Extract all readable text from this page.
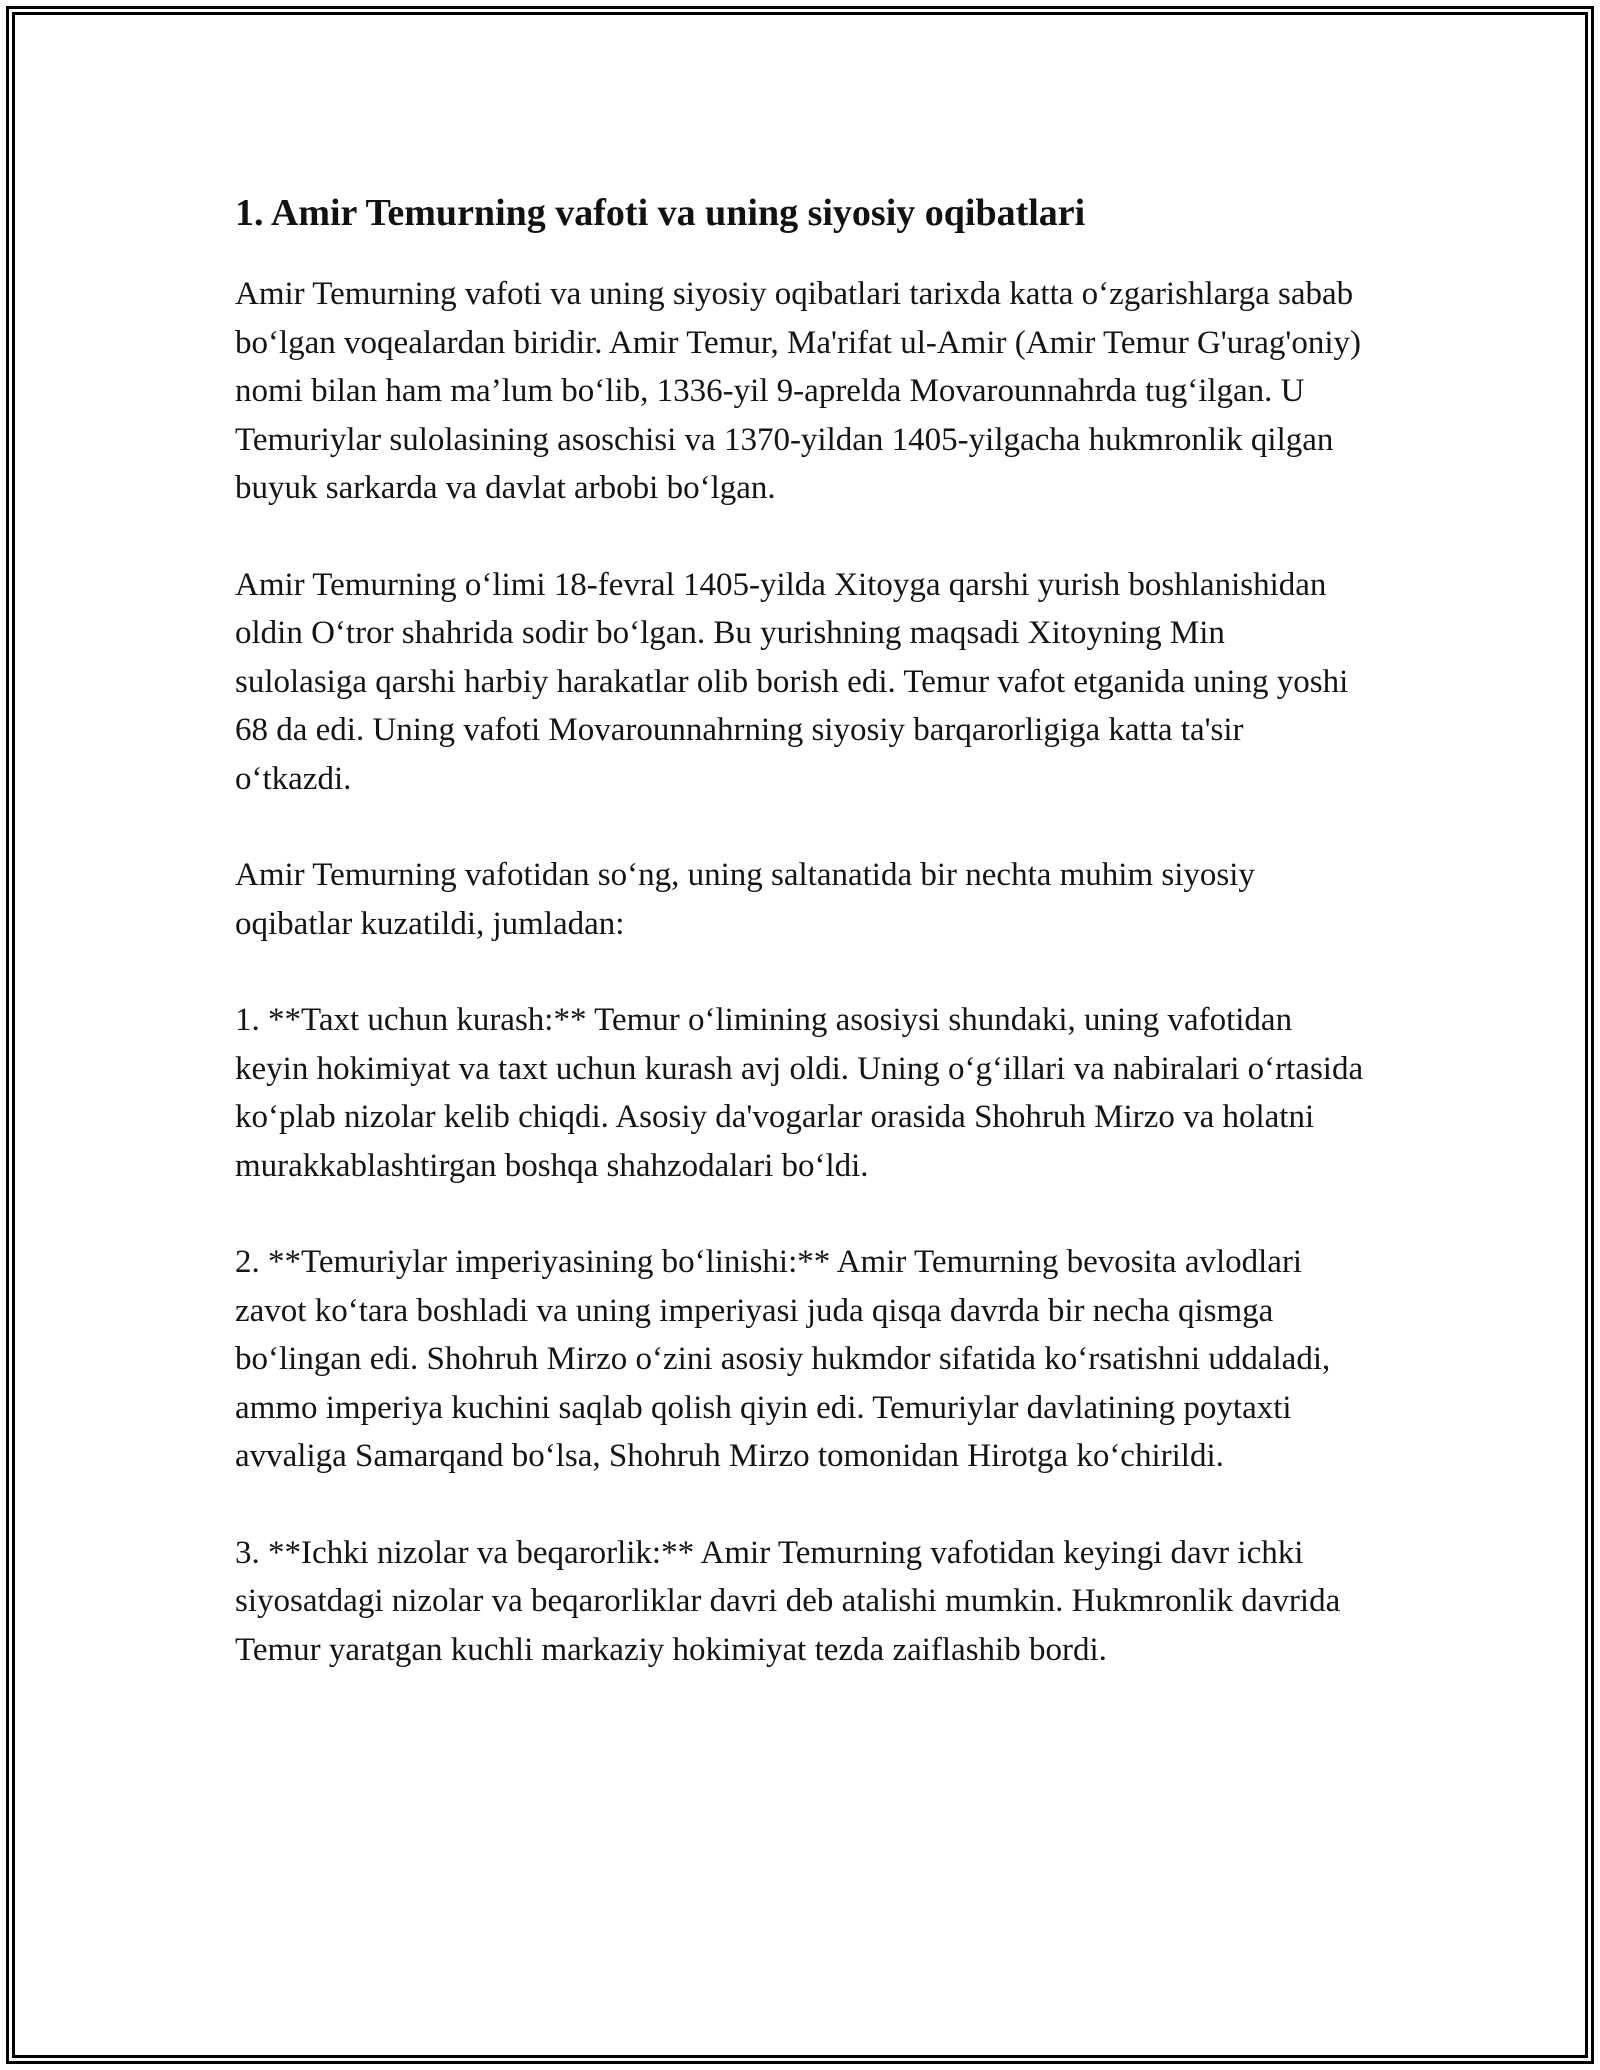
1. Amir Temurning vafoti va uning siyosiy oqibatlari

Amir Temurning vafoti va uning siyosiy oqibatlari tarixda katta o‘zgarishlarga sabab bo‘lgan voqealardan biridir. Amir Temur, Ma'rifat ul-Amir (Amir Temur G'urag'oniy) nomi bilan ham ma’lum bo‘lib, 1336-yil 9-aprelda Movarounnahrda tug‘ilgan. U Temuriylar sulolasining asoschisi va 1370-yildan 1405-yilgacha hukmronlik qilgan buyuk sarkarda va davlat arbobi bo‘lgan.

Amir Temurning o‘limi 18-fevral 1405-yilda Xitoyga qarshi yurish boshlanishidan oldin O‘tror shahrida sodir bo‘lgan. Bu yurishning maqsadi Xitoyning Min sulolasiga qarshi harbiy harakatlar olib borish edi. Temur vafot etganida uning yoshi 68 da edi. Uning vafoti Movarounnahrning siyosiy barqarorligiga katta ta'sir o‘tkazdi.

Amir Temurning vafotidan so‘ng, uning saltanatida bir nechta muhim siyosiy oqibatlar kuzatildi, jumladan:

1. **Taxt uchun kurash:** Temur o‘limining asosiysi shundaki, uning vafotidan keyin hokimiyat va taxt uchun kurash avj oldi. Uning o‘g‘illari va nabiralari o‘rtasida ko‘plab nizolar kelib chiqdi. Asosiy da'vogarlar orasida Shohruh Mirzo va holatni murakkablashtirgan boshqa shahzodalari bo‘ldi.

2. **Temuriylar imperiyasining bo‘linishi:** Amir Temurning bevosita avlodlari zavot ko‘tara boshladi va uning imperiyasi juda qisqa davrda bir necha qismga bo‘lingan edi. Shohruh Mirzo o‘zini asosiy hukmdor sifatida ko‘rsatishni uddaladi, ammo imperiya kuchini saqlab qolish qiyin edi. Temuriylar davlatining poytaxti avvaliga Samarqand bo‘lsa, Shohruh Mirzo tomonidan Hirotga ko‘chirildi.

3. **Ichki nizolar va beqarorlik:** Amir Temurning vafotidan keyingi davr ichki siyosatdagi nizolar va beqarorliklar davri deb atalishi mumkin. Hukmronlik davrida Temur yaratgan kuchli markaziy hokimiyat tezda zaiflashib bordi.
